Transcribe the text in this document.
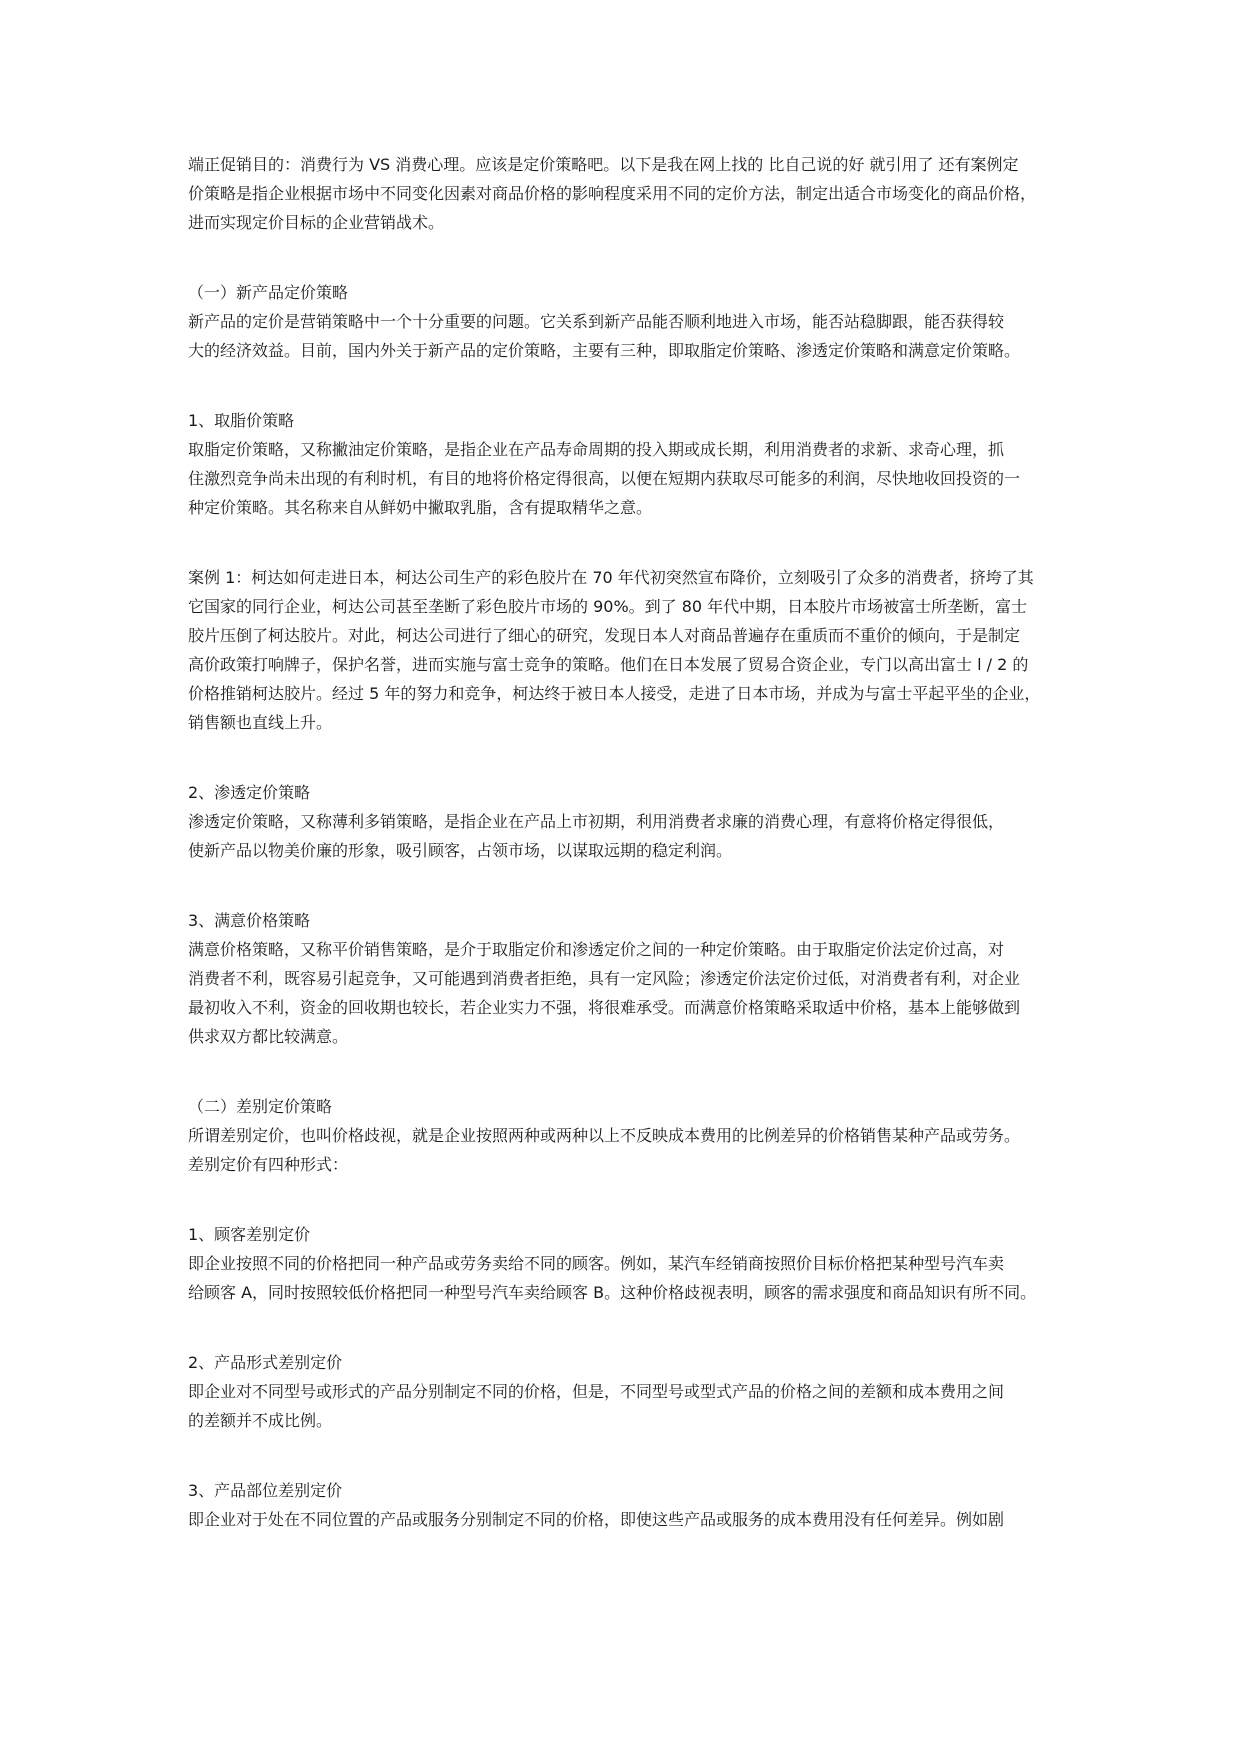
端正促销目的：消费行为 VS 消费心理。应该是定价策略吧。以下是我在网上找的 比自己说的好 就引用了 还有案例定
价策略是指企业根据市场中不同变化因素对商品价格的影响程度采用不同的定价方法，制定出适合市场变化的商品价格，
进而实现定价目标的企业营销战术。
（一）新产品定价策略
新产品的定价是营销策略中一个十分重要的问题。它关系到新产品能否顺利地进入市场，能否站稳脚跟，能否获得较
大的经济效益。目前，国内外关于新产品的定价策略，主要有三种，即取脂定价策略、渗透定价策略和满意定价策略。
1、取脂价策略
取脂定价策略，又称撇油定价策略，是指企业在产品寿命周期的投入期或成长期，利用消费者的求新、求奇心理，抓
住激烈竞争尚未出现的有利时机，有目的地将价格定得很高，以便在短期内获取尽可能多的利润，尽快地收回投资的一
种定价策略。其名称来自从鲜奶中撇取乳脂，含有提取精华之意。
案例 1：柯达如何走进日本，柯达公司生产的彩色胶片在 70 年代初突然宣布降价，立刻吸引了众多的消费者，挤垮了其
它国家的同行企业，柯达公司甚至垄断了彩色胶片市场的 90%。到了 80 年代中期，日本胶片市场被富士所垄断，富士
胶片压倒了柯达胶片。对此，柯达公司进行了细心的研究，发现日本人对商品普遍存在重质而不重价的倾向，于是制定
高价政策打响牌子，保护名誉，进而实施与富士竞争的策略。他们在日本发展了贸易合资企业，专门以高出富士 l / 2 的
价格推销柯达胶片。经过 5 年的努力和竞争，柯达终于被日本人接受，走进了日本市场，并成为与富士平起平坐的企业，
销售额也直线上升。
2、渗透定价策略
渗透定价策略，又称薄利多销策略，是指企业在产品上市初期，利用消费者求廉的消费心理，有意将价格定得很低，
使新产品以物美价廉的形象，吸引顾客，占领市场，以谋取远期的稳定利润。
3、满意价格策略
满意价格策略，又称平价销售策略，是介于取脂定价和渗透定价之间的一种定价策略。由于取脂定价法定价过高，对
消费者不利，既容易引起竞争，又可能遇到消费者拒绝，具有一定风险；渗透定价法定价过低，对消费者有利，对企业
最初收入不利，资金的回收期也较长，若企业实力不强，将很难承受。而满意价格策略采取适中价格，基本上能够做到
供求双方都比较满意。
（二）差别定价策略
所谓差别定价，也叫价格歧视，就是企业按照两种或两种以上不反映成本费用的比例差异的价格销售某种产品或劳务。
差别定价有四种形式：
1、顾客差别定价
即企业按照不同的价格把同一种产品或劳务卖给不同的顾客。例如，某汽车经销商按照价目标价格把某种型号汽车卖
给顾客 A，同时按照较低价格把同一种型号汽车卖给顾客 B。这种价格歧视表明，顾客的需求强度和商品知识有所不同。
2、产品形式差别定价
即企业对不同型号或形式的产品分别制定不同的价格，但是，不同型号或型式产品的价格之间的差额和成本费用之间
的差额并不成比例。
3、产品部位差别定价
即企业对于处在不同位置的产品或服务分别制定不同的价格，即使这些产品或服务的成本费用没有任何差异。例如剧
